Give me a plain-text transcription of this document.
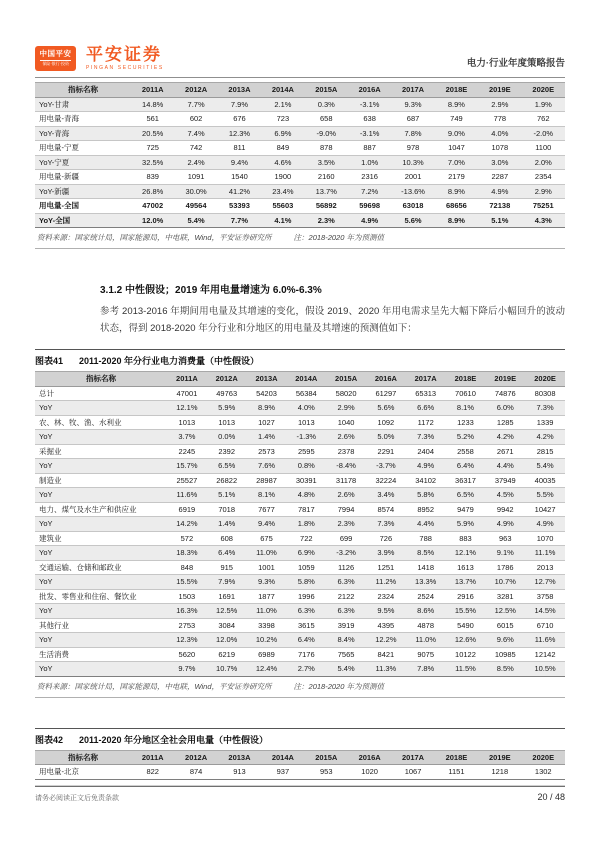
中国平安
保险·银行·投资 平安证券
PINGAN SECURITIES	电力·行业年度策略报告
指标名称	2011A	2012A	2013A	2014A	2015A	2016A	2017A	2018E	2019E	2020E
YoY-甘肃	14.8%	7.7%	7.9%	2.1%	0.3%	-3.1%	9.3%	8.9%	2.9%	1.9%
用电量-青海	561	602	676	723	658	638	687	749	778	762
YoY-青海	20.5%	7.4%	12.3%	6.9%	-9.0%	-3.1%	7.8%	9.0%	4.0%	-2.0%
用电量-宁夏	725	742	811	849	878	887	978	1047	1078	1100
YoY-宁夏	32.5%	2.4%	9.4%	4.6%	3.5%	1.0%	10.3%	7.0%	3.0%	2.0%
用电量-新疆	839	1091	1540	1900	2160	2316	2001	2179	2287	2354
YoY-新疆	26.8%	30.0%	41.2%	23.4%	13.7%	7.2%	-13.6%	8.9%	4.9%	2.9%
用电量-全国	47002	49564	53393	55603	56892	59698	63018	68656	72138	75251
YoY-全国	12.0%	5.4%	7.7%	4.1%	2.3%	4.9%	5.6%	8.9%	5.1%	4.3%
资料来源：国家统计局，国家能源局，中电联，Wind，平安证券研究所	注：2018-2020 年为预测值
3.1.2 中性假设；2019 年用电量增速为 6.0%-6.3%
参考 2013-2016 年期间用电量及其增速的变化，假设 2019、2020 年用电需求呈先大幅下降后小幅回升的波动状态，得到 2018-2020 年分行业和分地区的用电量及其增速的预测值如下：
图表41 2011-2020 年分行业电力消费量（中性假设）
指标名称	2011A	2012A	2013A	2014A	2015A	2016A	2017A	2018E	2019E	2020E
总计	47001	49763	54203	56384	58020	61297	65313	70610	74876	80308
YoY	12.1%	5.9%	8.9%	4.0%	2.9%	5.6%	6.6%	8.1%	6.0%	7.3%
农、林、牧、渔、水利业	1013	1013	1027	1013	1040	1092	1172	1233	1285	1339
YoY	3.7%	0.0%	1.4%	-1.3%	2.6%	5.0%	7.3%	5.2%	4.2%	4.2%
采掘业	2245	2392	2573	2595	2378	2291	2404	2558	2671	2815
YoY	15.7%	6.5%	7.6%	0.8%	-8.4%	-3.7%	4.9%	6.4%	4.4%	5.4%
制造业	25527	26822	28987	30391	31178	32224	34102	36317	37949	40035
YoY	11.6%	5.1%	8.1%	4.8%	2.6%	3.4%	5.8%	6.5%	4.5%	5.5%
电力、煤气及水生产和供应业	6919	7018	7677	7817	7994	8574	8952	9479	9942	10427
YoY	14.2%	1.4%	9.4%	1.8%	2.3%	7.3%	4.4%	5.9%	4.9%	4.9%
建筑业	572	608	675	722	699	726	788	883	963	1070
YoY	18.3%	6.4%	11.0%	6.9%	-3.2%	3.9%	8.5%	12.1%	9.1%	11.1%
交通运输、仓储和邮政业	848	915	1001	1059	1126	1251	1418	1613	1786	2013
YoY	15.5%	7.9%	9.3%	5.8%	6.3%	11.2%	13.3%	13.7%	10.7%	12.7%
批发、零售业和住宿、餐饮业	1503	1691	1877	1996	2122	2324	2524	2916	3281	3758
YoY	16.3%	12.5%	11.0%	6.3%	6.3%	9.5%	8.6%	15.5%	12.5%	14.5%
其他行业	2753	3084	3398	3615	3919	4395	4878	5490	6015	6710
YoY	12.3%	12.0%	10.2%	6.4%	8.4%	12.2%	11.0%	12.6%	9.6%	11.6%
生活消费	5620	6219	6989	7176	7565	8421	9075	10122	10985	12142
YoY	9.7%	10.7%	12.4%	2.7%	5.4%	11.3%	7.8%	11.5%	8.5%	10.5%
资料来源：国家统计局，国家能源局，中电联，Wind，平安证券研究所	注：2018-2020 年为预测值
图表42 2011-2020 年分地区全社会用电量（中性假设）
指标名称	2011A	2012A	2013A	2014A	2015A	2016A	2017A	2018E	2019E	2020E
用电量-北京	822	874	913	937	953	1020	1067	1151	1218	1302
请务必阅读正文后免责条款	20 / 48
